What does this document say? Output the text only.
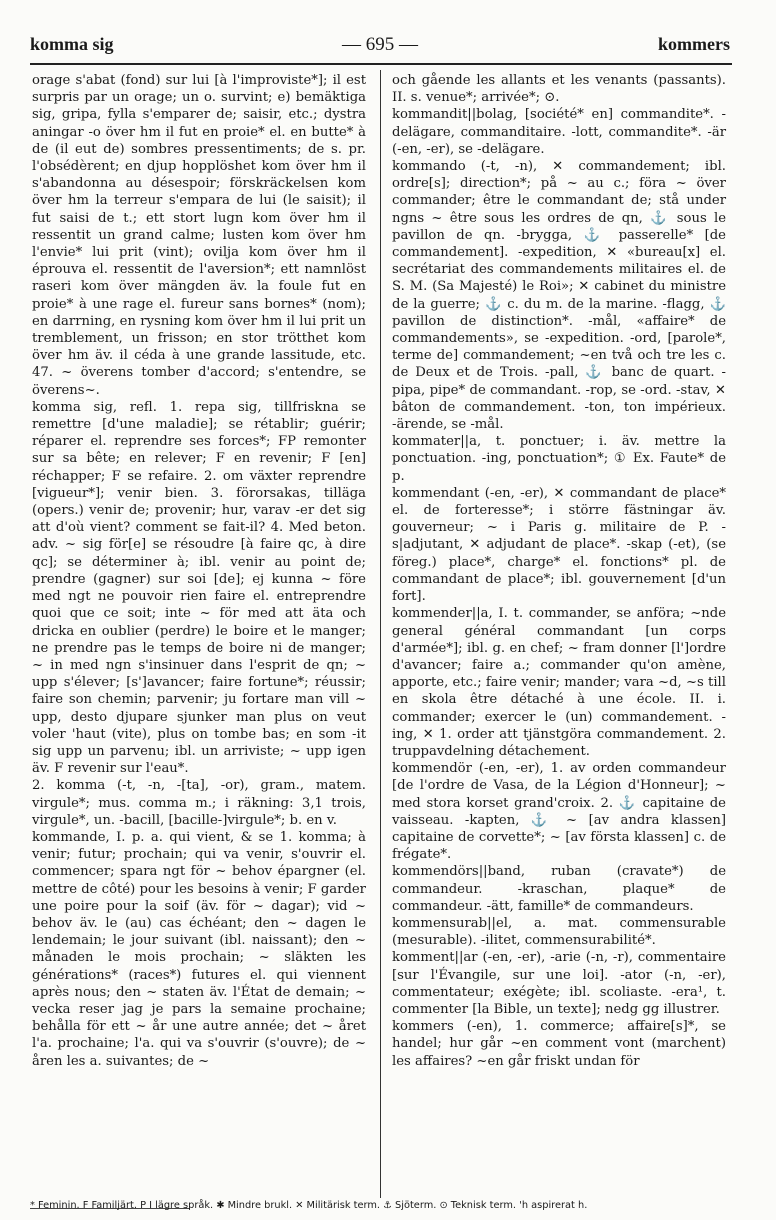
komma sig	— 695 —	kommers

orage s'abat (fond) sur lui [à l'improviste*]; il est surpris par un orage; un o. survint; e) bemäktiga sig, gripa, fylla s'emparer de; saisir, etc.; dystra aningar -o över hm il fut en proie* el. en butte* à de (il eut de) sombres pressentiments; de s. pr. l'obsédèrent; en djup hopplöshet kom över hm il s'abandonna au désespoir; förskräckelsen kom över hm la terreur s'empara de lui (le saisit); il fut saisi de t.; ett stort lugn kom över hm il ressentit un grand calme; lusten kom över hm l'envie* lui prit (vint); ovilja kom över hm il éprouva el. ressentit de l'aversion*; ett namnlöst raseri kom över mängden äv. la foule fut en proie* à une rage el. fureur sans bornes* (nom); en darrning, en rysning kom över hm il lui prit un tremblement, un frisson; en stor trötthet kom över hm äv. il céda à une grande lassitude, etc. 47. ~ överens tomber d'accord; s'entendre, se överens~.

komma sig, refl. 1. repa sig, tillfriskna se remettre [d'une maladie]; se rétablir; guérir; réparer el. reprendre ses forces*; FP remonter sur sa bête; en relever; F en revenir; F [en] réchapper; F se refaire. 2. om växter reprendre [vigueur*]; venir bien. 3. förorsakas, tilläga (opers.) venir de; provenir; hur, varav -er det sig att d'où vient? comment se fait-il? 4. Med beton. adv. ~ sig för[e] se résoudre [à faire qc, à dire qc]; se déterminer à; ibl. venir au point de; prendre (gagner) sur soi [de]; ej kunna ~ före med ngt ne pouvoir rien faire el. entreprendre quoi que ce soit; inte ~ för med att äta och dricka en oublier (perdre) le boire et le manger; ne prendre pas le temps de boire ni de manger; ~ in med ngn s'insinuer dans l'esprit de qn; ~ upp s'élever; [s']avancer; faire fortune*; réussir; faire son chemin; parvenir; ju fortare man vill ~ upp, desto djupare sjunker man plus on veut voler 'haut (vite), plus on tombe bas; en som -it sig upp un parvenu; ibl. un arriviste; ~ upp igen äv. F revenir sur l'eau*.

2. komma (-t, -n, -[ta], -or), gram., matem. virgule*; mus. comma m.; i räkning: 3,1 trois, virgule*, un. -bacill, [bacille-]virgule*; b. en v.

kommande, I. p. a. qui vient, & se 1. komma; à venir; futur; prochain; qui va venir, s'ouvrir el. commencer; spara ngt för ~ behov épargner (el. mettre de côté) pour les besoins à venir; F garder une poire pour la soif (äv. för ~ dagar); vid ~ behov äv. le (au) cas échéant; den ~ dagen le lendemain; le jour suivant (ibl. naissant); den ~ månaden le mois prochain; ~ släkten les générations* (races*) futures el. qui viennent après nous; den ~ staten äv. l'État de demain; ~ vecka reser jag je pars la semaine prochaine; behålla för ett ~ år une autre année; det ~ året l'a. prochaine; l'a. qui va s'ouvrir (s'ouvre); de ~ åren les a. suivantes; de ~

och gående les allants et les venants (passants). II. s. venue*; arrivée*; ⊙.

kommandit||bolag, [société* en] commandite*. -delägare, commanditaire. -lott, commandite*. -är (-en, -er), se -delägare.

kommando (-t, -n), ✕ commandement; ibl. ordre[s]; direction*; på ~ au c.; föra ~ över commander; être le commandant de; stå under ngns ~ être sous les ordres de qn, ⚓ sous le pavillon de qn. -brygga, ⚓ passerelle* [de commandement]. -expedition, ✕ «bureau[x] el. secrétariat des commandements militaires el. de S. M. (Sa Majesté) le Roi»; ✕ cabinet du ministre de la guerre; ⚓ c. du m. de la marine. -flagg, ⚓ pavillon de distinction*. -mål, «affaire* de commandements», se -expedition. -ord, [parole*, terme de] commandement; ~en två och tre les c. de Deux et de Trois. -pall, ⚓ banc de quart. -pipa, pipe* de commandant. -rop, se -ord. -stav, ✕ bâton de commandement. -ton, ton impérieux. -ärende, se -mål.

kommater||a, t. ponctuer; i. äv. mettre la ponctuation. -ing, ponctuation*; ① Ex. Faute* de p.

kommendant (-en, -er), ✕ commandant de place* el. de forteresse*; i större fästningar äv. gouverneur; ~ i Paris g. militaire de P. -s|adjutant, ✕ adjudant de place*. -skap (-et), (se föreg.) place*, charge* el. fonctions* pl. de commandant de place*; ibl. gouvernement [d'un fort].

kommender||a, I. t. commander, se anföra; ~nde general général commandant [un corps d'armée*]; ibl. g. en chef; ~ fram donner [l']ordre d'avancer; faire a.; commander qu'on amène, apporte, etc.; faire venir; mander; vara ~d, ~s till en skola être détaché à une école. II. i. commander; exercer le (un) commandement. -ing, ✕ 1. order att tjänstgöra commandement. 2. truppavdelning détachement.

kommendör (-en, -er), 1. av orden commandeur [de l'ordre de Vasa, de la Légion d'Honneur]; ~ med stora korset grand'croix. 2. ⚓ capitaine de vaisseau. -kapten, ⚓ ~ [av andra klassen] capitaine de corvette*; ~ [av första klassen] c. de frégate*.

kommendörs||band, ruban (cravate*) de commandeur. -kraschan, plaque* de commandeur. -ätt, famille* de commandeurs.

kommensurab||el, a. mat. commensurable (mesurable). -ilitet, commensurabilité*.

komment||ar (-en, -er), -arie (-n, -r), commentaire [sur l'Évangile, sur une loi]. -ator (-n, -er), commentateur; exégète; ibl. scoliaste. -era¹, t. commenter [la Bible, un texte]; nedg gg illustrer.

kommers (-en), 1. commerce; affaire[s]*, se handel; hur går ~en comment vont (marchent) les affaires? ~en går friskt undan för

* Feminin. F Familjärt. P I lägre språk. ✱ Mindre brukl. ✕ Militärisk term. ⚓ Sjöterm. ⊙ Teknisk term. 'h aspirerat h.
